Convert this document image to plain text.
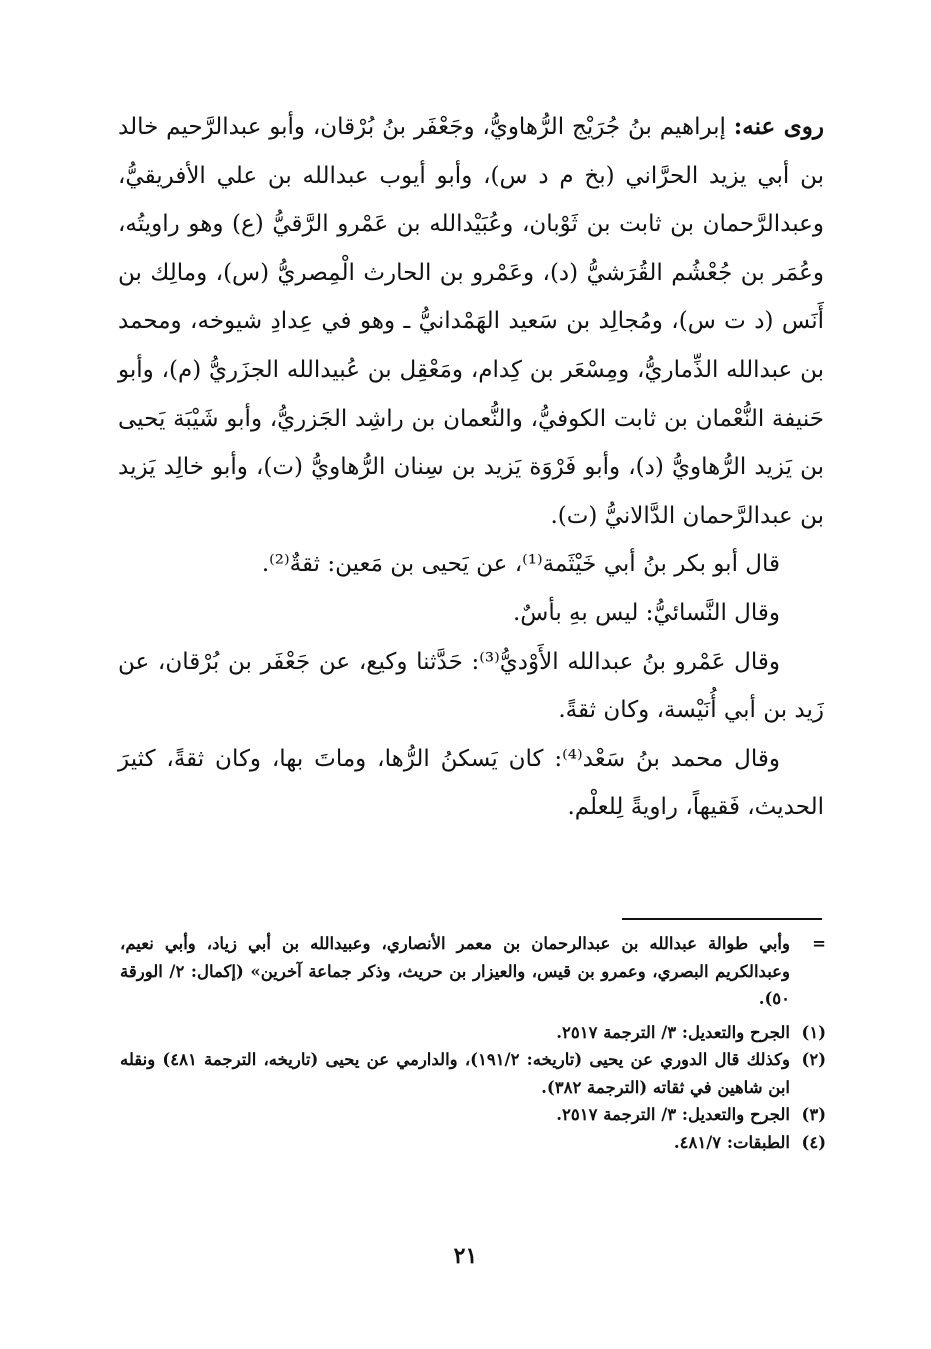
روى عنه: إبراهيم بنُ جُرَيْج الرُّهاويُّ، وجَعْفَر بنُ بُرْقان، وأبو عبدالرَّحيم خالد بن أبي يزيد الحرَّاني (بخ م د س)، وأبو أيوب عبدالله بن علي الأفريقيُّ، وعبدالرَّحمان بن ثابت بن ثَوْبان، وعُبَيْدالله بن عَمْرو الرَّقيُّ (ع) وهو راويتُه، وعُمَر بن جُعْشُم القُرَشيُّ (د)، وعَمْرو بن الحارث الْمِصريُّ (س)، ومالِك بن أَنَس (د ت س)، ومُجالِد بن سَعيد الهَمْدانيُّ ـ وهو في عِدادِ شيوخه، ومحمد بن عبدالله الذِّماريُّ، ومِسْعَر بن كِدام، ومَعْقِل بن عُبيدالله الجزَريُّ (م)، وأبو حَنيفة النُّعْمان بن ثابت الكوفيُّ، والنُّعمان بن راشِد الجَزريُّ، وأبو شَيْبَة يَحيى بن يَزيد الرُّهاويُّ (د)، وأبو فَرْوَة يَزيد بن سِنان الرُّهاويُّ (ت)، وأبو خالِد يَزيد بن عبدالرَّحمان الدَّالانيُّ (ت).

قال أبو بكر بنُ أبي خَيْثَمة⁽¹⁾، عن يَحيى بن مَعين: ثقةٌ⁽²⁾.

وقال النَّسائيُّ: ليس بهِ بأسٌ.

وقال عَمْرو بنُ عبدالله الأَوْديُّ⁽³⁾: حَدَّثنا وكيع، عن جَعْفَر بن بُرْقان، عن زَيد بن أبي أُنَيْسة، وكان ثقةً.

وقال محمد بنُ سَعْد⁽⁴⁾: كان يَسكنُ الرُّها، وماتَ بها، وكان ثقةً، كثيرَ الحديث، فَقيهاً، راويةً لِلعلْم.

=
وأبي طوالة عبدالله بن عبدالرحمان بن معمر الأنصاري، وعبيدالله بن أبي زياد، وأبي نعيم، وعبدالكريم البصري، وعمرو بن قيس، والعيزار بن حريث، وذكر جماعة آخرين» (إكمال: ٢/ الورقة ٥٠).
(١)
الجرح والتعديل: ٣/ الترجمة ٢٥١٧.
(٢)
وكذلك قال الدوري عن يحيى (تاريخه: ١٩١/٢)، والدارمي عن يحيى (تاريخه، الترجمة ٤٨١) ونقله ابن شاهين في ثقاته (الترجمة ٣٨٢).
(٣)
الجرح والتعديل: ٣/ الترجمة ٢٥١٧.
(٤)
الطبقات: ٤٨١/٧.
٢١
